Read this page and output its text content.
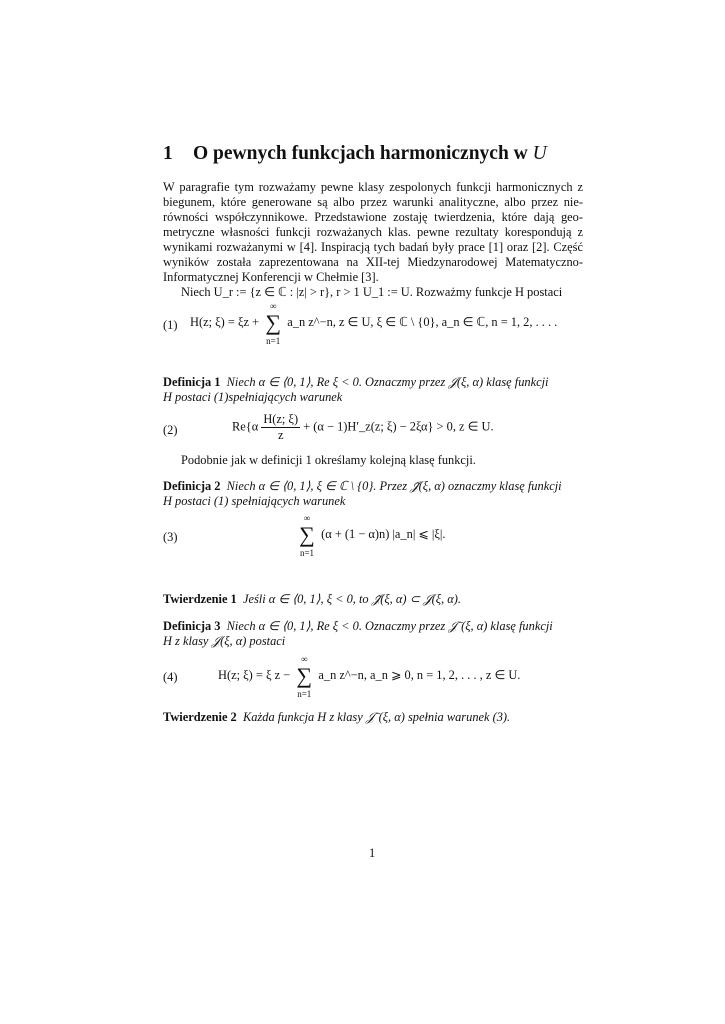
1 O pewnych funkcjach harmonicznych w U
W paragrafie tym rozważamy pewne klasy zespolonych funkcji harmonicznych z
biegunem, które generowane są albo przez warunki analityczne, albo przez nie-
równości współczynnikowe. Przedstawione zostaję twierdzenia, które dają geo-
metryczne własności funkcji rozważanych klas. pewne rezultaty korespondują z
wynikami rozważanymi w [4]. Inspiracją tych badań były prace [1] oraz [2]. Część
wyników została zaprezentowana na XII-tej Miedzynarodowej Matematyczno-
Informatycznej Konferencji w Chełmie [3].
Niech U_r := {z ∈ ℂ : |z| > r}, r > 1 U_1 := U. Rozważmy funkcje H postaci
(1) H(z; ξ) = ξz +
∞
∑
n=1
a_n z^−n, z ∈ U, ξ ∈ ℂ \ {0}, a_n ∈ ℂ, n = 1, 2, . . . .
Definicja 1 Niech α ∈ ⟨0, 1⟩, Re ξ < 0. Oznaczmy przez 𝒥(ξ, α) klasę funkcji
H postaci (1)spełniających warunek
(2)	$Re\{\alpha \frac{H(z; \xi)}{z} + (\alpha$ − 1)H′_z(z; ξ) − 2ξα} > 0, z ∈ U.
Podobnie jak w definicji 1 określamy kolejną klasę funkcji.
Definicja 2 Niech α ∈ ⟨0, 1⟩, ξ ∈ ℂ \ {0}. Przez 𝒥̃(ξ, α) oznaczmy klasę funkcji
H postaci (1) spełniających warunek
(3)
∞
∑
n=1
(α + (1 − α)n) |a_n| ⩽ |ξ|.
Twierdzenie 1 Jeśli α ∈ ⟨0, 1⟩, ξ < 0, to 𝒥̃(ξ, α) ⊂ 𝒥(ξ, α).
Definicja 3 Niech α ∈ ⟨0, 1⟩, Re ξ < 0. Oznaczmy przez 𝒥⁻(ξ, α) klasę funkcji
H z klasy 𝒥(ξ, α) postaci
(4)	H(z; ξ) = ξ z −
∞
∑
n=1
a_n z^−n, a_n ⩾ 0, n = 1, 2, . . . , z ∈ U.
Twierdzenie 2 Każda funkcja H z klasy 𝒥⁻(ξ, α) spełnia warunek (3).
1
